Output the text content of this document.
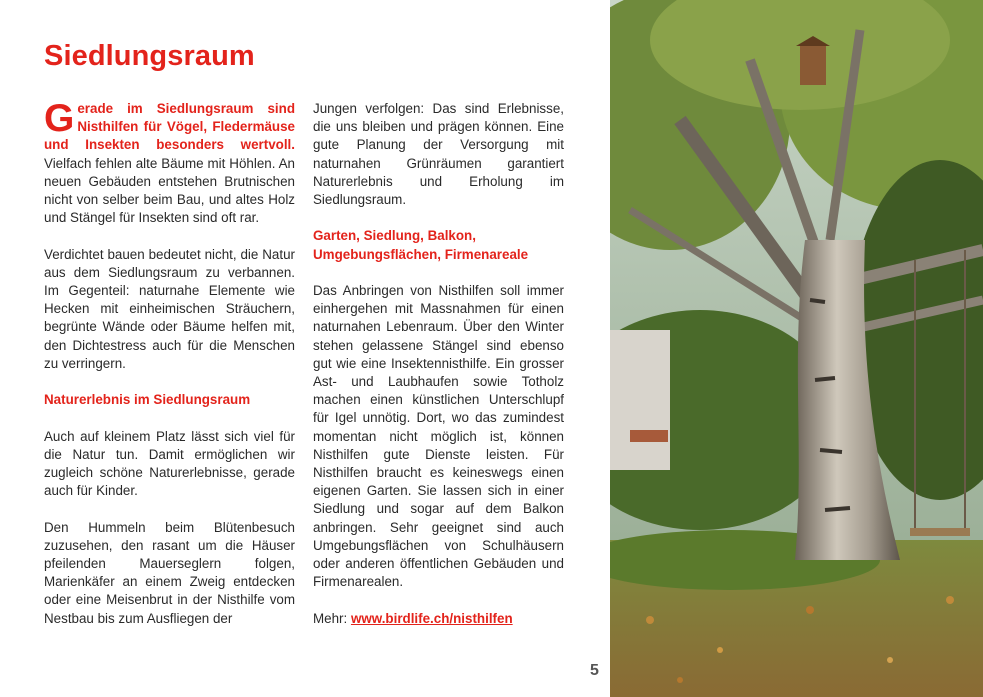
Siedlungsraum

Gerade im Siedlungsraum sind Nisthilfen für Vögel, Fledermäuse und Insekten besonders wertvoll. Vielfach fehlen alte Bäume mit Höhlen. An neuen Gebäuden entstehen Brutnischen nicht von selber beim Bau, und altes Holz und Stängel für Insekten sind oft rar.

Verdichtet bauen bedeutet nicht, die Natur aus dem Siedlungsraum zu verbannen. Im Gegenteil: naturnahe Elemente wie Hecken mit einheimischen Sträuchern, begrünte Wände oder Bäume helfen mit, den Dichtestress auch für die Menschen zu verringern.

Naturerlebnis im Siedlungsraum

Auch auf kleinem Platz lässt sich viel für die Natur tun. Damit ermöglichen wir zugleich schöne Naturerlebnisse, gerade auch für Kinder.

Den Hummeln beim Blütenbesuch zuzusehen, den rasant um die Häuser pfeilenden Mauerseglern folgen, Marienkäfer an einem Zweig entdecken oder eine Meisenbrut in der Nisthilfe vom Nestbau bis zum Ausfliegen der

Jungen verfolgen: Das sind Erlebnisse, die uns bleiben und prägen können. Eine gute Planung der Versorgung mit naturnahen Grünräumen garantiert Naturerlebnis und Erholung im Siedlungsraum.

Garten, Siedlung, Balkon, Umgebungsflächen, Firmenareale

Das Anbringen von Nisthilfen soll immer einhergehen mit Massnahmen für einen naturnahen Lebenraum. Über den Winter stehen gelassene Stängel sind ebenso gut wie eine Insektennisthilfe. Ein grosser Ast- und Laubhaufen sowie Totholz machen einen künstlichen Unterschlupf für Igel unnötig. Dort, wo das zumindest momentan nicht möglich ist, können Nisthilfen gute Dienste leisten. Für Nisthilfen braucht es keineswegs einen eigenen Garten. Sie lassen sich in einer Siedlung und sogar auf dem Balkon anbringen. Sehr geeignet sind auch Umgebungsflächen von Schulhäusern oder anderen öffentlichen Gebäuden und Firmenarealen.

Mehr: www.birdlife.ch/nisthilfen

5
